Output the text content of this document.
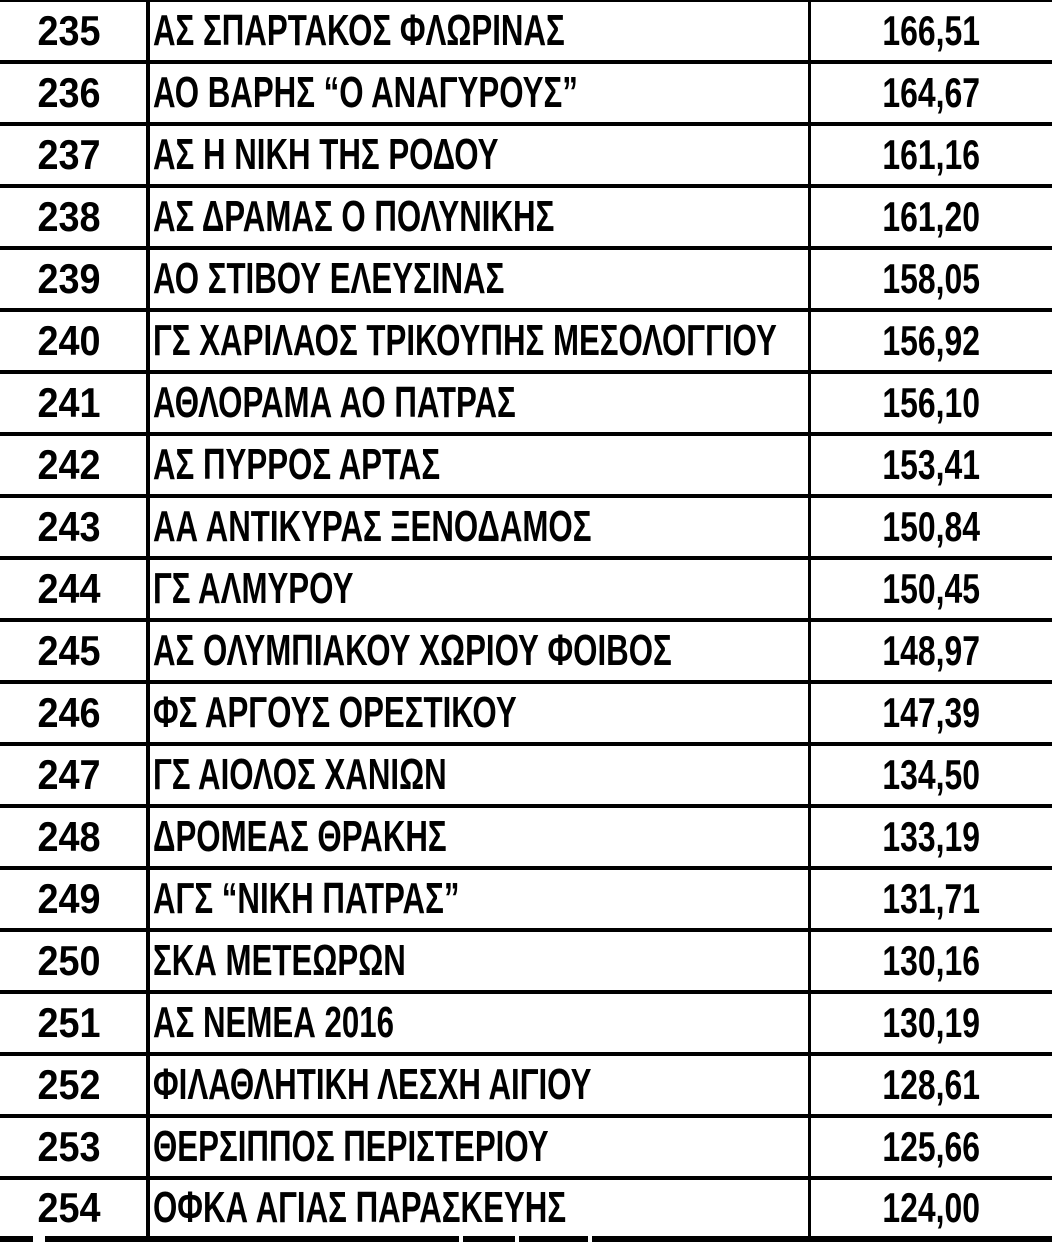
235 ΑΣ ΣΠΑΡΤΑΚΟΣ ΦΛΩΡΙΝΑΣ	166,51
236 ΑΟ ΒΑΡΗΣ “Ο ΑΝΑΓΥΡΟΥΣ”	164,67
237 ΑΣ Η ΝΙΚΗ ΤΗΣ ΡΟΔΟΥ	161,16
238 ΑΣ ΔΡΑΜΑΣ Ο ΠΟΛΥΝΙΚΗΣ	161,20
239 ΑΟ ΣΤΙΒΟΥ ΕΛΕΥΣΙΝΑΣ	158,05
240 ΓΣ ΧΑΡΙΛΑΟΣ ΤΡΙΚΟΥΠΗΣ ΜΕΣΟΛΟΓΓΙΟΥ	156,92
241 ΑΘΛΟΡΑΜΑ ΑΟ ΠΑΤΡΑΣ	156,10
242 ΑΣ ΠΥΡΡΟΣ ΑΡΤΑΣ	153,41
243 ΑΑ ΑΝΤΙΚΥΡΑΣ ΞΕΝΟΔΑΜΟΣ	150,84
244 ΓΣ ΑΛΜΥΡΟΥ	150,45
245 ΑΣ ΟΛΥΜΠΙΑΚΟΥ ΧΩΡΙΟΥ ΦΟΙΒΟΣ	148,97
246 ΦΣ ΑΡΓΟΥΣ ΟΡΕΣΤΙΚΟΥ	147,39
247 ΓΣ ΑΙΟΛΟΣ ΧΑΝΙΩΝ	134,50
248 ΔΡΟΜΕΑΣ ΘΡΑΚΗΣ	133,19
249 ΑΓΣ “ΝΙΚΗ ΠΑΤΡΑΣ”	131,71
250 ΣΚΑ ΜΕΤΕΩΡΩΝ	130,16
251 ΑΣ ΝΕΜΕΑ 2016	130,19
252 ΦΙΛΑΘΛΗΤΙΚΗ ΛΕΣΧΗ ΑΙΓΙΟΥ	128,61
253 ΘΕΡΣΙΠΠΟΣ ΠΕΡΙΣΤΕΡΙΟΥ	125,66
254 ΟΦΚΑ ΑΓΙΑΣ ΠΑΡΑΣΚΕΥΗΣ	124,00
